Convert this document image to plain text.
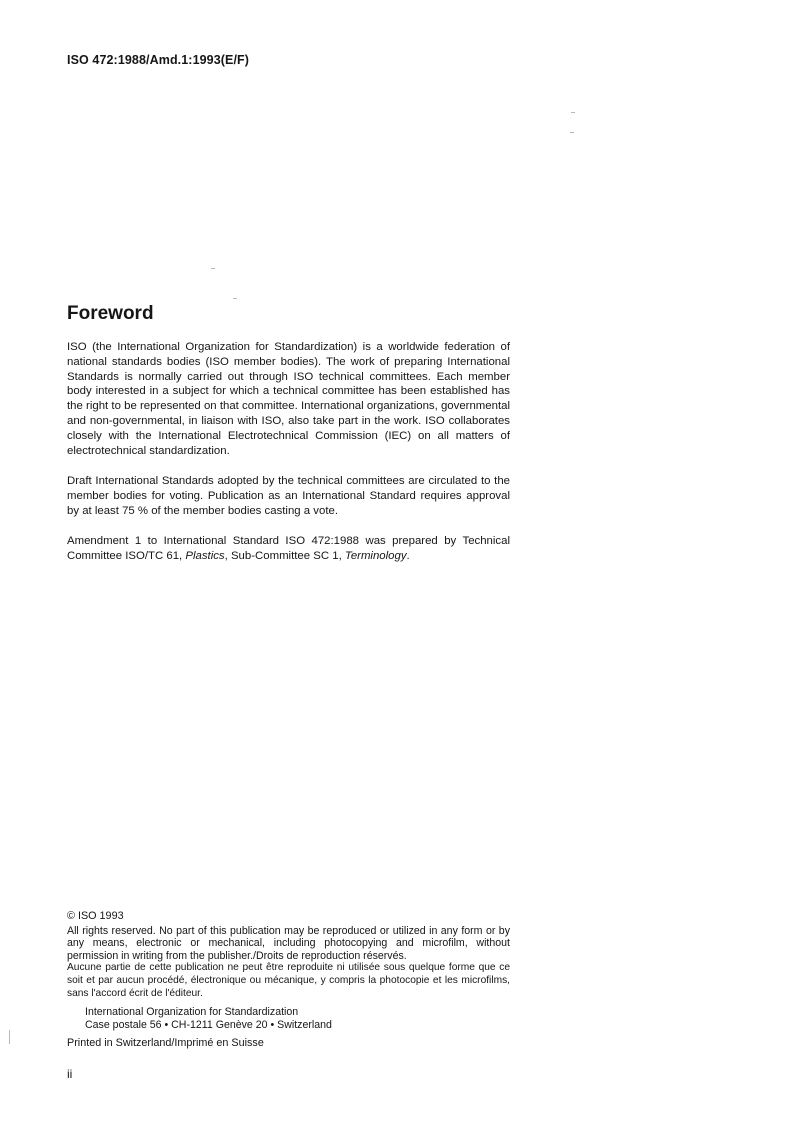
ISO 472:1988/Amd.1:1993(E/F)
Foreword

ISO (the International Organization for Standardization) is a worldwide federation of national standards bodies (ISO member bodies). The work of preparing International Standards is normally carried out through ISO technical committees. Each member body interested in a subject for which a technical committee has been established has the right to be represented on that committee. International organizations, governmental and non-governmental, in liaison with ISO, also take part in the work. ISO collaborates closely with the International Electrotechnical Commission (IEC) on all matters of electrotechnical standardization.

Draft International Standards adopted by the technical committees are circulated to the member bodies for voting. Publication as an International Standard requires approval by at least 75 % of the member bodies casting a vote.

Amendment 1 to International Standard ISO 472:1988 was prepared by Technical Committee ISO/TC 61, Plastics, Sub-Committee SC 1, Terminology.

© ISO 1993

All rights reserved. No part of this publication may be reproduced or utilized in any form or by any means, electronic or mechanical, including photocopying and microfilm, without permission in writing from the publisher./Droits de reproduction réservés.

Aucune partie de cette publication ne peut être reproduite ni utilisée sous quelque forme que ce soit et par aucun procédé, électronique ou mécanique, y compris la photocopie et les microfilms, sans l'accord écrit de l'éditeur.

International Organization for Standardization
Case postale 56 • CH-1211 Genève 20 • Switzerland
Printed in Switzerland/Imprimé en Suisse
ii
